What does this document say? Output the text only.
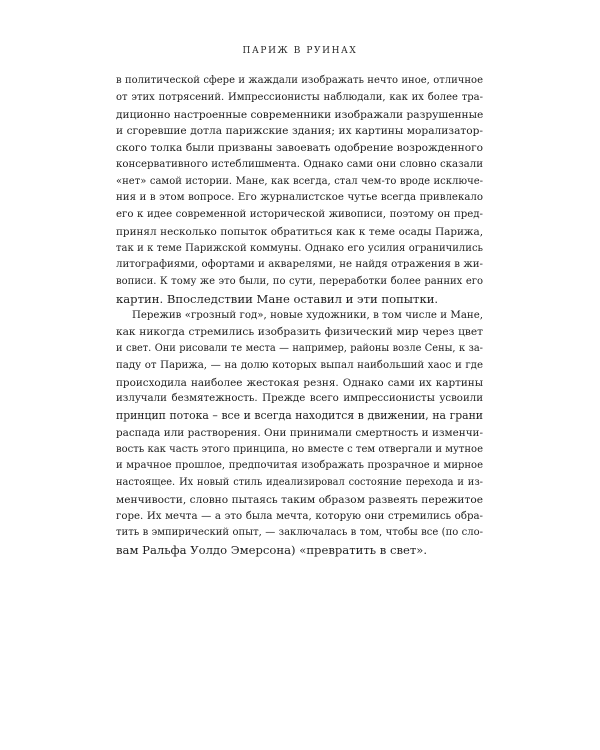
ПАРИЖ В РУИНАХ
в политической сфере и жаждали изображать нечто иное, отличное
от этих потрясений. Импрессионисты наблюдали, как их более тра-
диционно настроенные современники изображали разрушенные
и сгоревшие дотла парижские здания; их картины морализатор-
ского толка были призваны завоевать одобрение возрожденного
консервативного истеблишмента. Однако сами они словно сказали
«нет» самой истории. Мане, как всегда, стал чем-то вроде исключе-
ния и в этом вопросе. Его журналистское чутье всегда привлекало
его к идее современной исторической живописи, поэтому он пред-
принял несколько попыток обратиться как к теме осады Парижа,
так и к теме Парижской коммуны. Однако его усилия ограничились
литографиями, офортами и акварелями, не найдя отражения в жи-
вописи. К тому же это были, по сути, переработки более ранних его
картин. Впоследствии Мане оставил и эти попытки.
Пережив «грозный год», новые художники, в том числе и Мане,
как никогда стремились изобразить физический мир через цвет
и свет. Они рисовали те места — например, районы возле Сены, к за-
паду от Парижа, — на долю которых выпал наибольший хаос и где
происходила наиболее жестокая резня. Однако сами их картины
излучали безмятежность. Прежде всего импрессионисты усвоили
принцип потока – все и всегда находится в движении, на грани
распада или растворения. Они принимали смертность и изменчи-
вость как часть этого принципа, но вместе с тем отвергали и мутное
и мрачное прошлое, предпочитая изображать прозрачное и мирное
настоящее. Их новый стиль идеализировал состояние перехода и из-
менчивости, словно пытаясь таким образом развеять пережитое
горе. Их мечта — а это была мечта, которую они стремились обра-
тить в эмпирический опыт, — заключалась в том, чтобы все (по сло-
вам Ральфа Уолдо Эмерсона) «превратить в свет».
